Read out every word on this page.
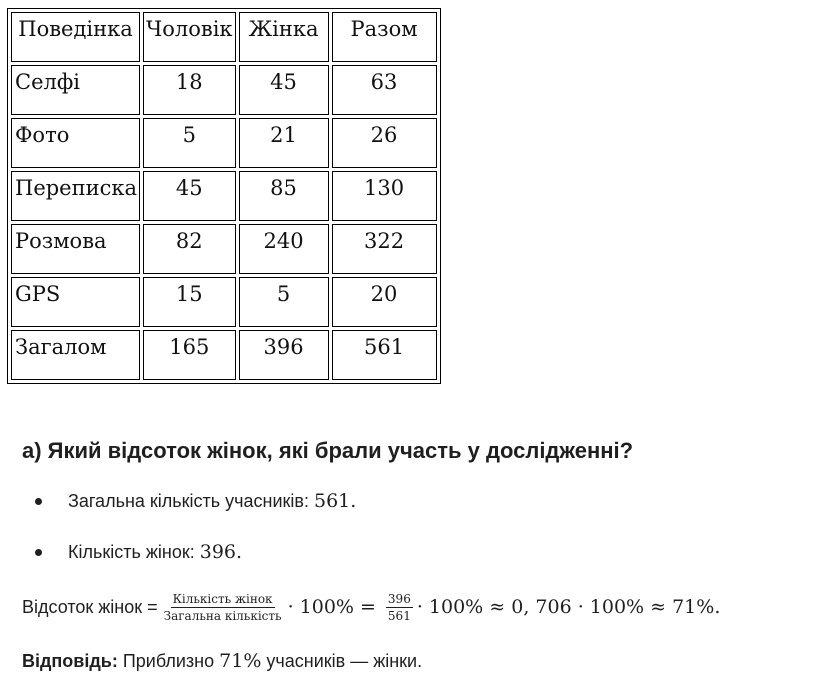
Поведінка	Чоловік	Жінка	Разом
Селфі	18	45	63
Фото	5	21	26
Переписка	45	85	130
Розмова	82	240	322
GPS	15	5	20
Загалом	165	396	561
а) Який відсоток жінок, які брали участь у дослідженні?
Загальна кількість учасників: 561.
Кількість жінок: 396.
Відсоток жінок = $\frac{\text{Кількість жінок}}{\text{Загальна кількість}} \cdot 100\% = \frac{396}{561} \cdot 100\% \approx 0$, 706 · 100% ≈ 71%.
Відповідь: Приблизно 71% учасників — жінки.
